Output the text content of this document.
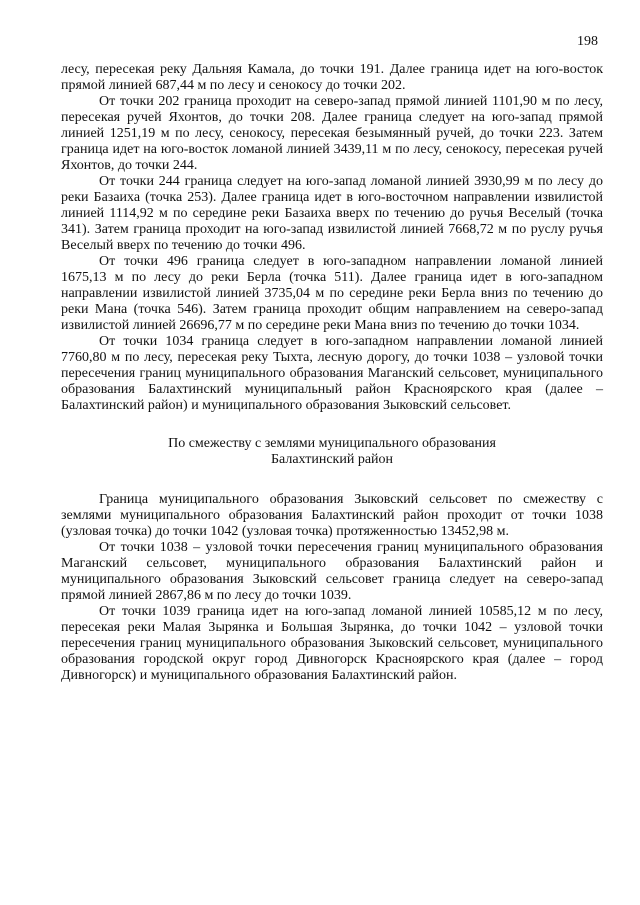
198

лесу, пересекая реку Дальняя Камала, до точки 191. Далее граница идет на юго-восток прямой линией 687,44 м по лесу и сенокосу до точки 202.

От точки 202 граница проходит на северо-запад прямой линией 1101,90 м по лесу, пересекая ручей Яхонтов, до точки 208. Далее граница следует на юго-запад прямой линией 1251,19 м по лесу, сенокосу, пересекая безымянный ручей, до точки 223. Затем граница идет на юго-восток ломаной линией 3439,11 м по лесу, сенокосу, пересекая ручей Яхонтов, до точки 244.

От точки 244 граница следует на юго-запад ломаной линией 3930,99 м по лесу до реки Базаиха (точка 253). Далее граница идет в юго-восточном направлении извилистой линией 1114,92 м по середине реки Базаиха вверх по течению до ручья Веселый (точка 341). Затем граница проходит на юго-запад извилистой линией 7668,72 м по руслу ручья Веселый вверх по течению до точки 496.

От точки 496 граница следует в юго-западном направлении ломаной линией 1675,13 м по лесу до реки Берла (точка 511). Далее граница идет в юго-западном направлении извилистой линией 3735,04 м по середине реки Берла вниз по течению до реки Мана (точка 546). Затем граница проходит общим направлением на северо-запад извилистой линией 26696,77 м по середине реки Мана вниз по течению до точки 1034.

От точки 1034 граница следует в юго-западном направлении ломаной линией 7760,80 м по лесу, пересекая реку Тыхта, лесную дорогу, до точки 1038 – узловой точки пересечения границ муниципального образования Маганский сельсовет, муниципального образования Балахтинский муниципальный район Красноярского края (далее – Балахтинский район) и муниципального образования Зыковский сельсовет.

По смежеству с землями муниципального образования

Балахтинский район

Граница муниципального образования Зыковский сельсовет по смежеству с землями муниципального образования Балахтинский район проходит от точки 1038 (узловая точка) до точки 1042 (узловая точка) протяженностью 13452,98 м.

От точки 1038 – узловой точки пересечения границ муниципального образования Маганский сельсовет, муниципального образования Балахтинский район и муниципального образования Зыковский сельсовет граница следует на северо-запад прямой линией 2867,86 м по лесу до точки 1039.

От точки 1039 граница идет на юго-запад ломаной линией 10585,12 м по лесу, пересекая реки Малая Зырянка и Большая Зырянка, до точки 1042 – узловой точки пересечения границ муниципального образования Зыковский сельсовет, муниципального образования городской округ город Дивногорск Красноярского края (далее – город Дивногорск) и муниципального образования Балахтинский район.
